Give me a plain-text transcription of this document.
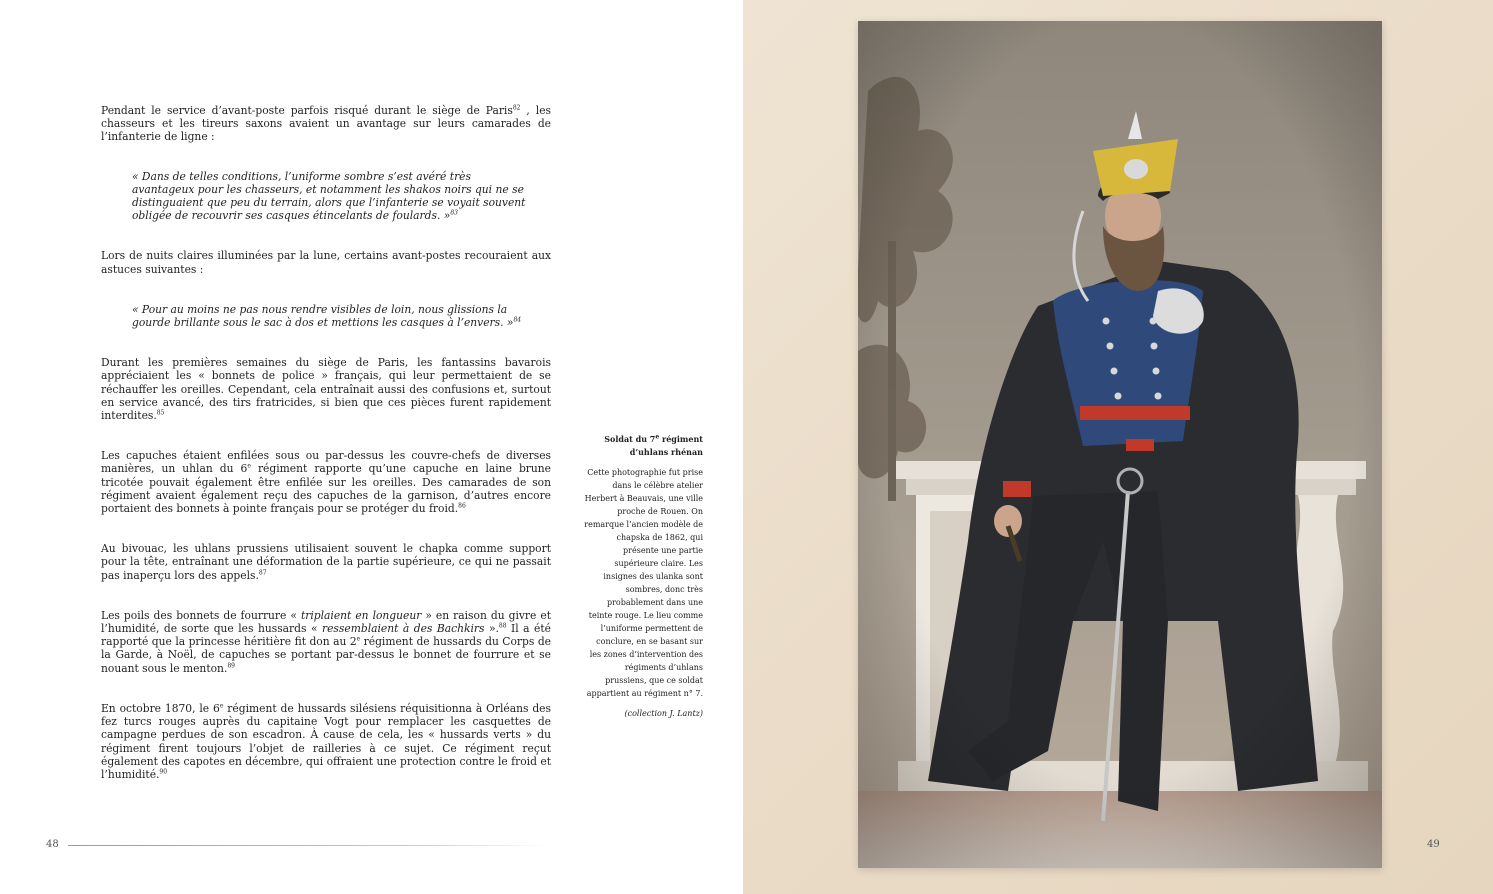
Pendant le service d’avant-poste parfois risqué durant le siège de Paris$^{82}$ , les chasseurs et les tireurs saxons avaient un avantage sur leurs camarades de l’infanterie de ligne :

« Dans de telles conditions, l’uniforme sombre s’est avéré très avantageux pour les chasseurs, et notamment les shakos noirs qui ne se distinguaient que peu du terrain, alors que l’infanterie se voyait souvent obligée de recouvrir ses casques étincelants de foulards. »$^{83}$

Lors de nuits claires illuminées par la lune, certains avant-postes recouraient aux astuces suivantes :

« Pour au moins ne pas nous rendre visibles de loin, nous glissions la gourde brillante sous le sac à dos et mettions les casques à l’envers. »$^{84}$

Durant les premières semaines du siège de Paris, les fantassins bavarois appréciaient les « bonnets de police » français, qui leur permettaient de se réchauffer les oreilles. Cependant, cela entraînait aussi des confusions et, surtout en service avancé, des tirs fratricides, si bien que ces pièces furent rapidement interdites.$^{85}$

Les capuches étaient enfilées sous ou par-dessus les couvre-chefs de diverses manières, un uhlan du 6e régiment rapporte qu’une capuche en laine brune tricotée pouvait également être enfilée sur les oreilles. Des camarades de son régiment avaient également reçu des capuches de la garnison, d’autres encore portaient des bonnets à pointe français pour se protéger du froid.$^{86}$

Au bivouac, les uhlans prussiens utilisaient souvent le chapka comme support pour la tête, entraînant une déformation de la partie supérieure, ce qui ne passait pas inaperçu lors des appels.$^{87}$

Les poils des bonnets de fourrure « triplaient en longueur » en raison du givre et l’humidité, de sorte que les hussards « ressemblaient à des Bachkirs ».$^{88}$ Il a été rapporté que la princesse héritière fit don au 2e régiment de hussards du Corps de la Garde, à Noël, de capuches se portant par-dessus le bonnet de fourrure et se nouant sous le menton.$^{89}$

En octobre 1870, le 6e régiment de hussards silésiens réquisitionna à Orléans des fez turcs rouges auprès du capitaine Vogt pour remplacer les casquettes de campagne perdues de son escadron. À cause de cela, les « hussards verts » du régiment firent toujours l’objet de railleries à ce sujet. Ce régiment reçut également des capotes en décembre, qui offraient une protection contre le froid et l’humidité.$^{90}$

Soldat du 7e régiment d’uhlans rhénan

Cette photographie fut prise dans le célèbre atelier Herbert à Beauvais, une ville proche de Rouen. On remarque l’ancien modèle de chapska de 1862, qui présente une partie supérieure claire. Les insignes des ulanka sont sombres, donc très probablement dans une teinte rouge. Le lieu comme l’uniforme permettent de conclure, en se basant sur les zones d’intervention des régiments d’uhlans prussiens, que ce soldat appartient au régiment n° 7.

(collection J. Lantz)

48	49
